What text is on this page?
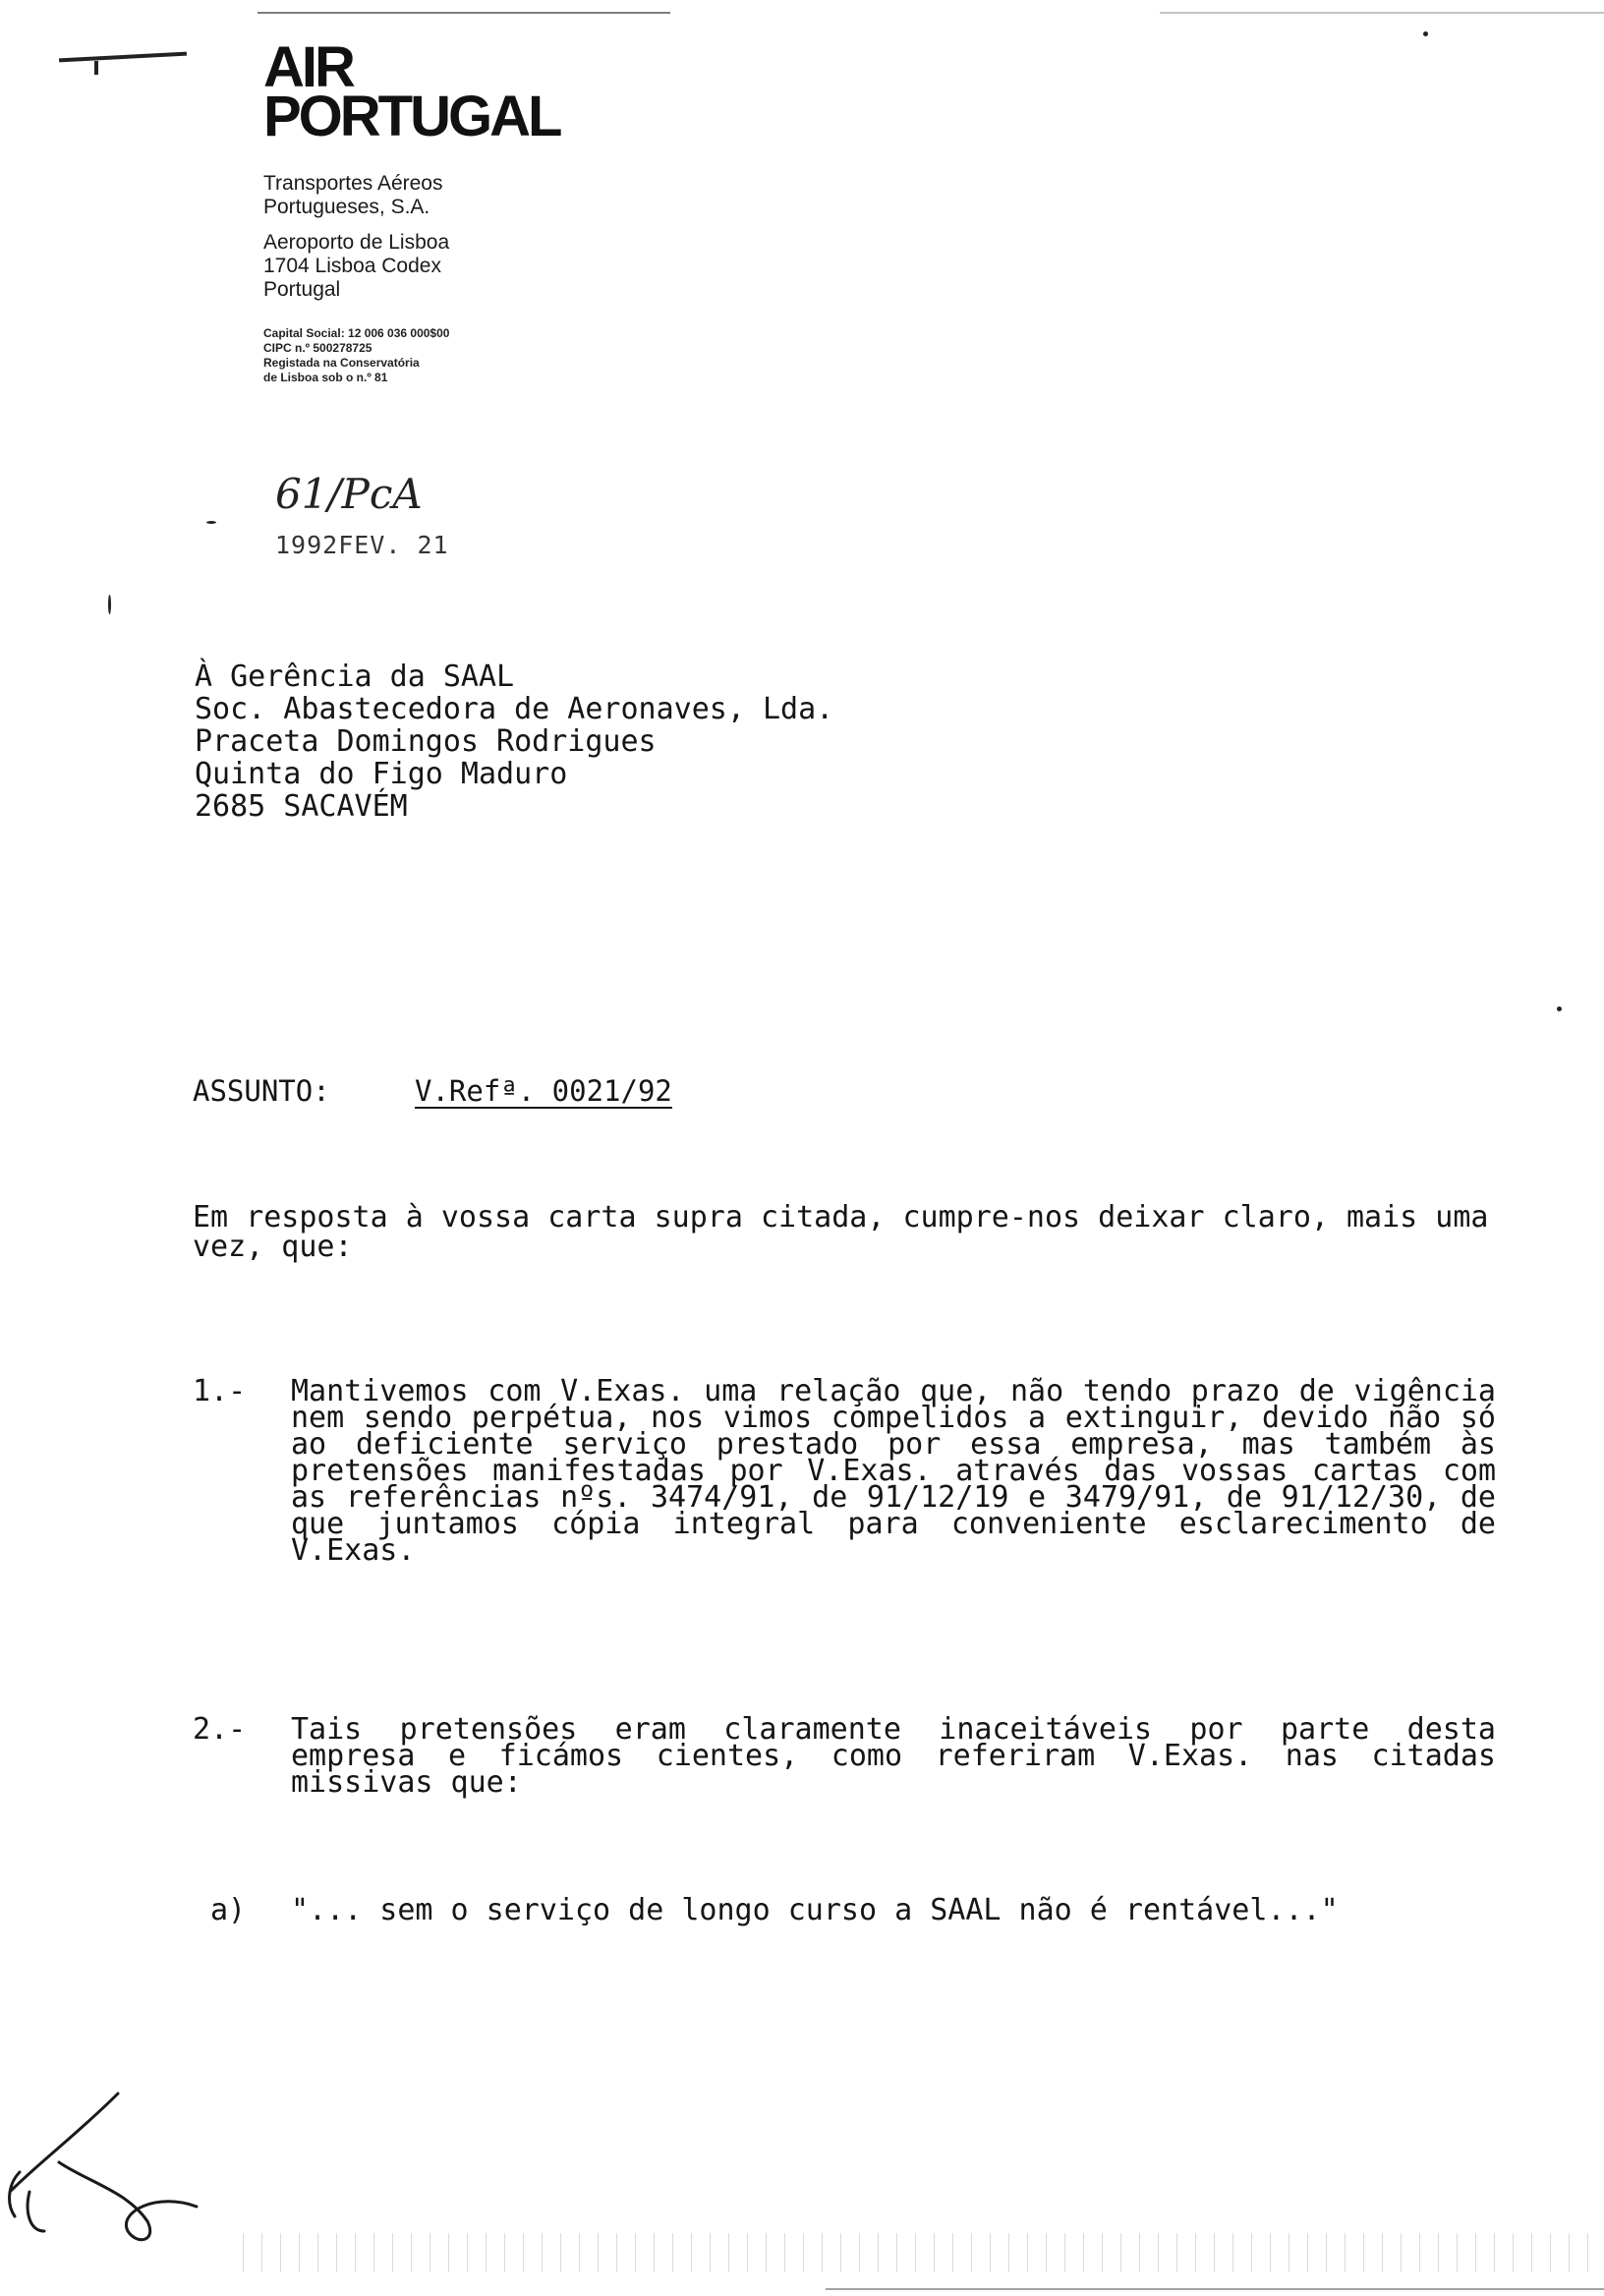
AIR
PORTUGAL
Transportes Aéreos
Portugueses, S.A.
Aeroporto de Lisboa
1704 Lisboa Codex
Portugal
Capital Social: 12 006 036 000$00
CIPC n.º 500278725
Registada na Conservatória
de Lisboa sob o n.º 81
61/PcA
1992FEV. 21
À Gerência da SAAL
Soc. Abastecedora de Aeronaves, Lda.
Praceta Domingos Rodrigues
Quinta do Figo Maduro
2685 SACAVÉM
ASSUNTO:	V.Refª. 0021/92
Em resposta à vossa carta supra citada, cumpre-nos deixar claro, mais uma vez, que:
1.- Mantivemos com V.Exas. uma relação que, não tendo prazo de vigência nem sendo perpétua, nos vimos compelidos a extinguir, devido não só ao deficiente serviço prestado por essa empresa, mas também às pretensões manifestadas por V.Exas. através das vossas cartas com as referências nºs. 3474/91, de 91/12/19 e 3479/91, de 91/12/30, de que juntamos cópia integral para conveniente esclarecimento de V.Exas.
2.- Tais pretensões eram claramente inaceitáveis por parte desta empresa e ficámos cientes, como referiram V.Exas. nas citadas missivas que:
a) "... sem o serviço de longo curso a SAAL não é rentável..."
